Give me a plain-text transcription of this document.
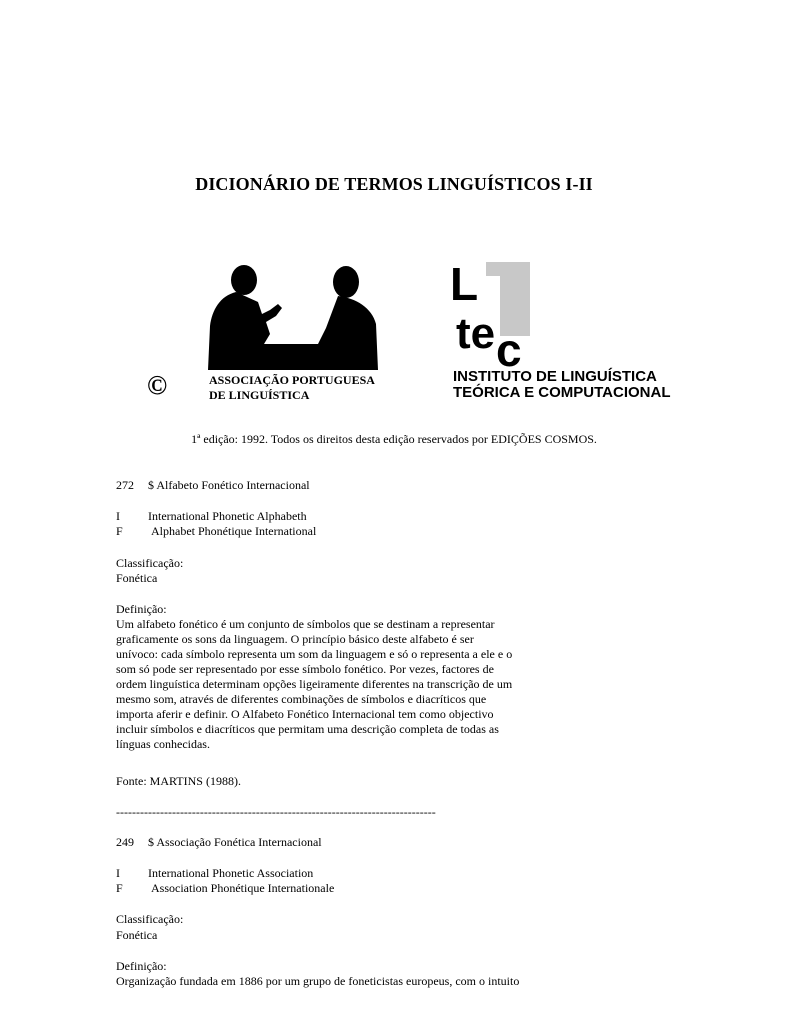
DICIONÁRIO DE TERMOS LINGUÍSTICOS I-II
©	ASSOCIAÇÃO PORTUGUESA
DE LINGUÍSTICA
L
te c
INSTITUTO DE LINGUÍSTICA
TEÓRICA E COMPUTACIONAL
1ª edição: 1992. Todos os direitos desta edição reservados por EDIÇÕES COSMOS.
272 $ Alfabeto Fonético Internacional
I International Phonetic Alphabeth
F Alphabet Phonétique International
Classificação:
Fonética
Definição:
Um alfabeto fonético é um conjunto de símbolos que se destinam a representar
graficamente os sons da linguagem. O princípio básico deste alfabeto é ser
unívoco: cada símbolo representa um som da linguagem e só o representa a ele e o
som só pode ser representado por esse símbolo fonético. Por vezes, factores de
ordem linguística determinam opções ligeiramente diferentes na transcrição de um
mesmo som, através de diferentes combinações de símbolos e diacríticos que
importa aferir e definir. O Alfabeto Fonético Internacional tem como objectivo
incluir símbolos e diacríticos que permitam uma descrição completa de todas as
línguas conhecidas.
Fonte: MARTINS (1988).
--------------------------------------------------------------------------------
249 $ Associação Fonética Internacional
I International Phonetic Association
F Association Phonétique Internationale
Classificação:
Fonética
Definição:
Organização fundada em 1886 por um grupo de foneticistas europeus, com o intuito
